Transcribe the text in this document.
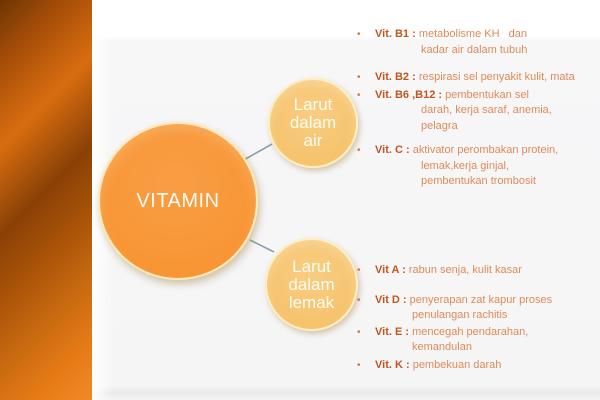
VITAMIN
Larut
dalam
air
Larut
dalam
lemak
•	Vit. B1 : metabolisme KH   dan
kadar air dalam tubuh
•	Vit. B2 : respirasi sel penyakit kulit, mata
•	Vit. B6 ,B12 : pembentukan sel
darah, kerja saraf, anemia,
pelagra
•	Vit. C : aktivator perombakan protein,
lemak,kerja ginjal,
pembentukan trombosit
•	Vit A : rabun senja, kulit kasar
•	Vit D : penyerapan zat kapur proses
penulangan rachitis
•	Vit. E : mencegah pendarahan,
kemandulan
•	Vit. K : pembekuan darah
